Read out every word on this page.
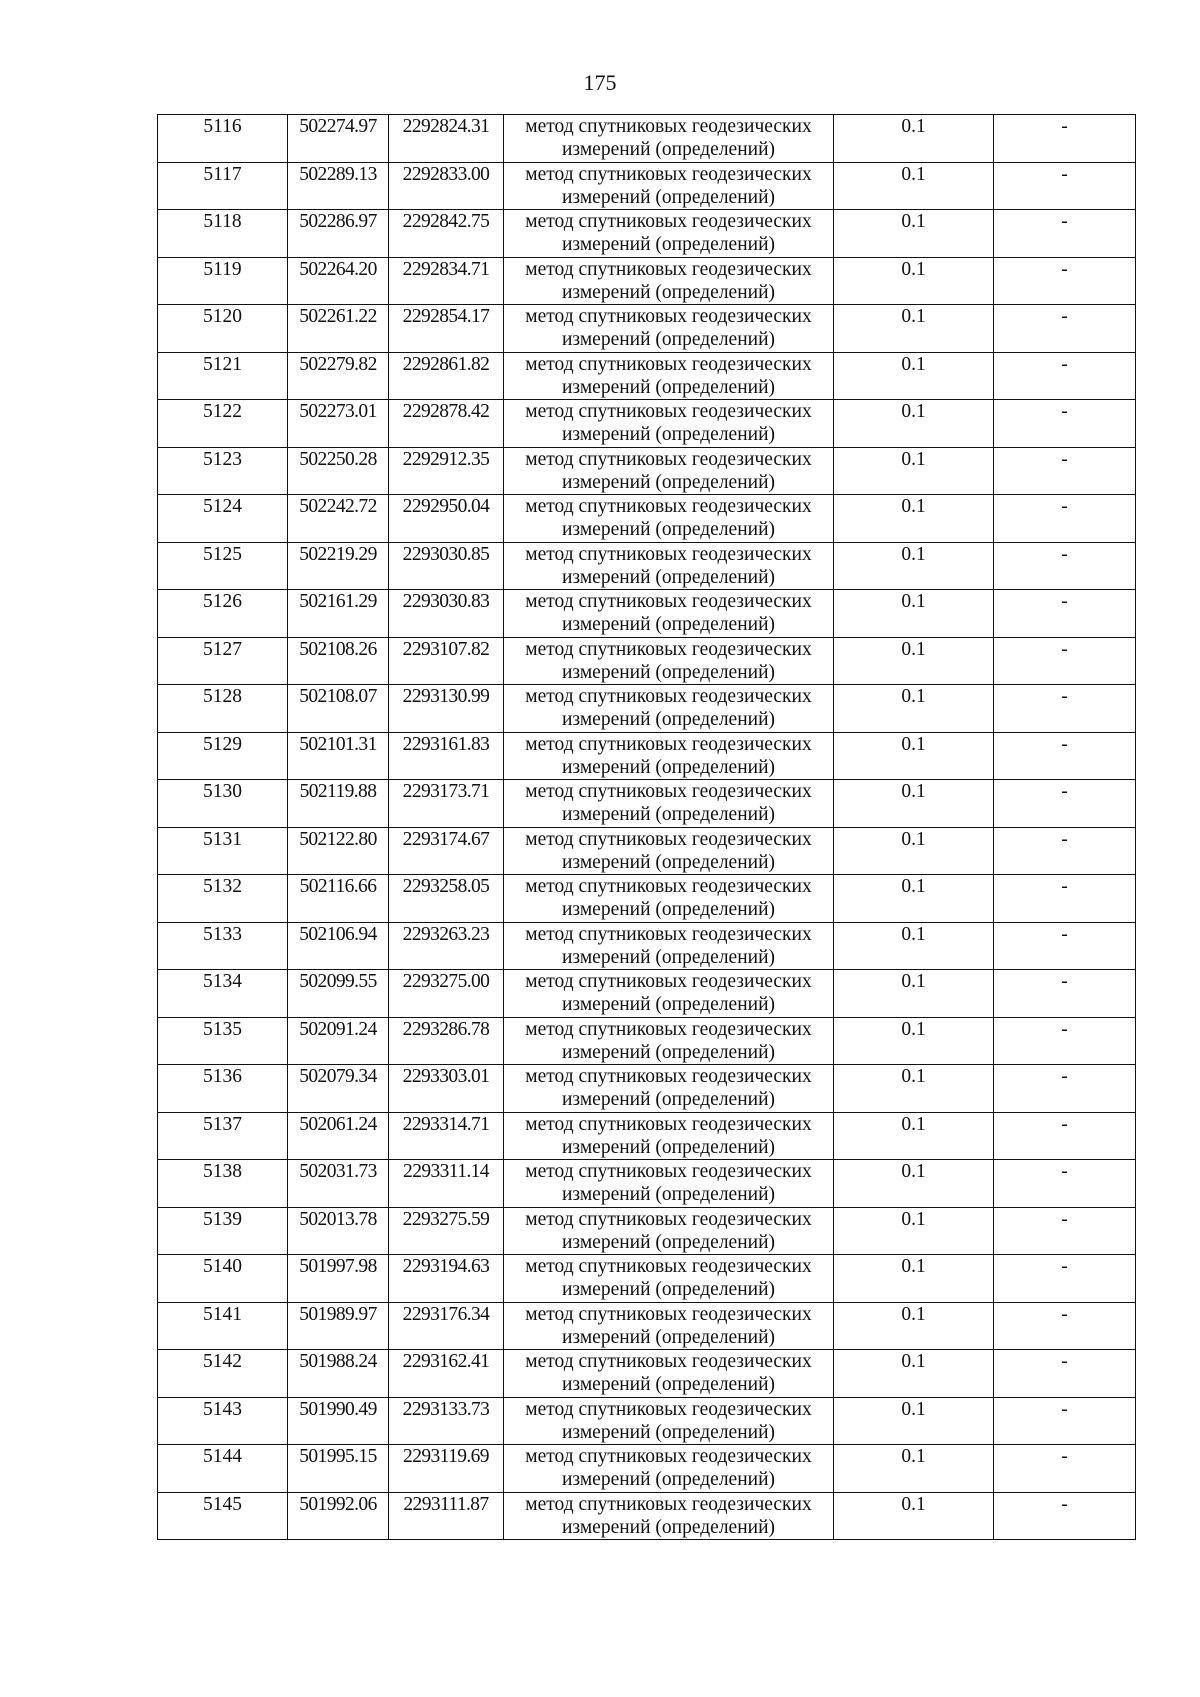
175
5116	502274.97	2292824.31	метод спутниковых геодезических
измерений (определений)	0.1	-
5117	502289.13	2292833.00	метод спутниковых геодезических
измерений (определений)	0.1	-
5118	502286.97	2292842.75	метод спутниковых геодезических
измерений (определений)	0.1	-
5119	502264.20	2292834.71	метод спутниковых геодезических
измерений (определений)	0.1	-
5120	502261.22	2292854.17	метод спутниковых геодезических
измерений (определений)	0.1	-
5121	502279.82	2292861.82	метод спутниковых геодезических
измерений (определений)	0.1	-
5122	502273.01	2292878.42	метод спутниковых геодезических
измерений (определений)	0.1	-
5123	502250.28	2292912.35	метод спутниковых геодезических
измерений (определений)	0.1	-
5124	502242.72	2292950.04	метод спутниковых геодезических
измерений (определений)	0.1	-
5125	502219.29	2293030.85	метод спутниковых геодезических
измерений (определений)	0.1	-
5126	502161.29	2293030.83	метод спутниковых геодезических
измерений (определений)	0.1	-
5127	502108.26	2293107.82	метод спутниковых геодезических
измерений (определений)	0.1	-
5128	502108.07	2293130.99	метод спутниковых геодезических
измерений (определений)	0.1	-
5129	502101.31	2293161.83	метод спутниковых геодезических
измерений (определений)	0.1	-
5130	502119.88	2293173.71	метод спутниковых геодезических
измерений (определений)	0.1	-
5131	502122.80	2293174.67	метод спутниковых геодезических
измерений (определений)	0.1	-
5132	502116.66	2293258.05	метод спутниковых геодезических
измерений (определений)	0.1	-
5133	502106.94	2293263.23	метод спутниковых геодезических
измерений (определений)	0.1	-
5134	502099.55	2293275.00	метод спутниковых геодезических
измерений (определений)	0.1	-
5135	502091.24	2293286.78	метод спутниковых геодезических
измерений (определений)	0.1	-
5136	502079.34	2293303.01	метод спутниковых геодезических
измерений (определений)	0.1	-
5137	502061.24	2293314.71	метод спутниковых геодезических
измерений (определений)	0.1	-
5138	502031.73	2293311.14	метод спутниковых геодезических
измерений (определений)	0.1	-
5139	502013.78	2293275.59	метод спутниковых геодезических
измерений (определений)	0.1	-
5140	501997.98	2293194.63	метод спутниковых геодезических
измерений (определений)	0.1	-
5141	501989.97	2293176.34	метод спутниковых геодезических
измерений (определений)	0.1	-
5142	501988.24	2293162.41	метод спутниковых геодезических
измерений (определений)	0.1	-
5143	501990.49	2293133.73	метод спутниковых геодезических
измерений (определений)	0.1	-
5144	501995.15	2293119.69	метод спутниковых геодезических
измерений (определений)	0.1	-
5145	501992.06	2293111.87	метод спутниковых геодезических
измерений (определений)	0.1	-
